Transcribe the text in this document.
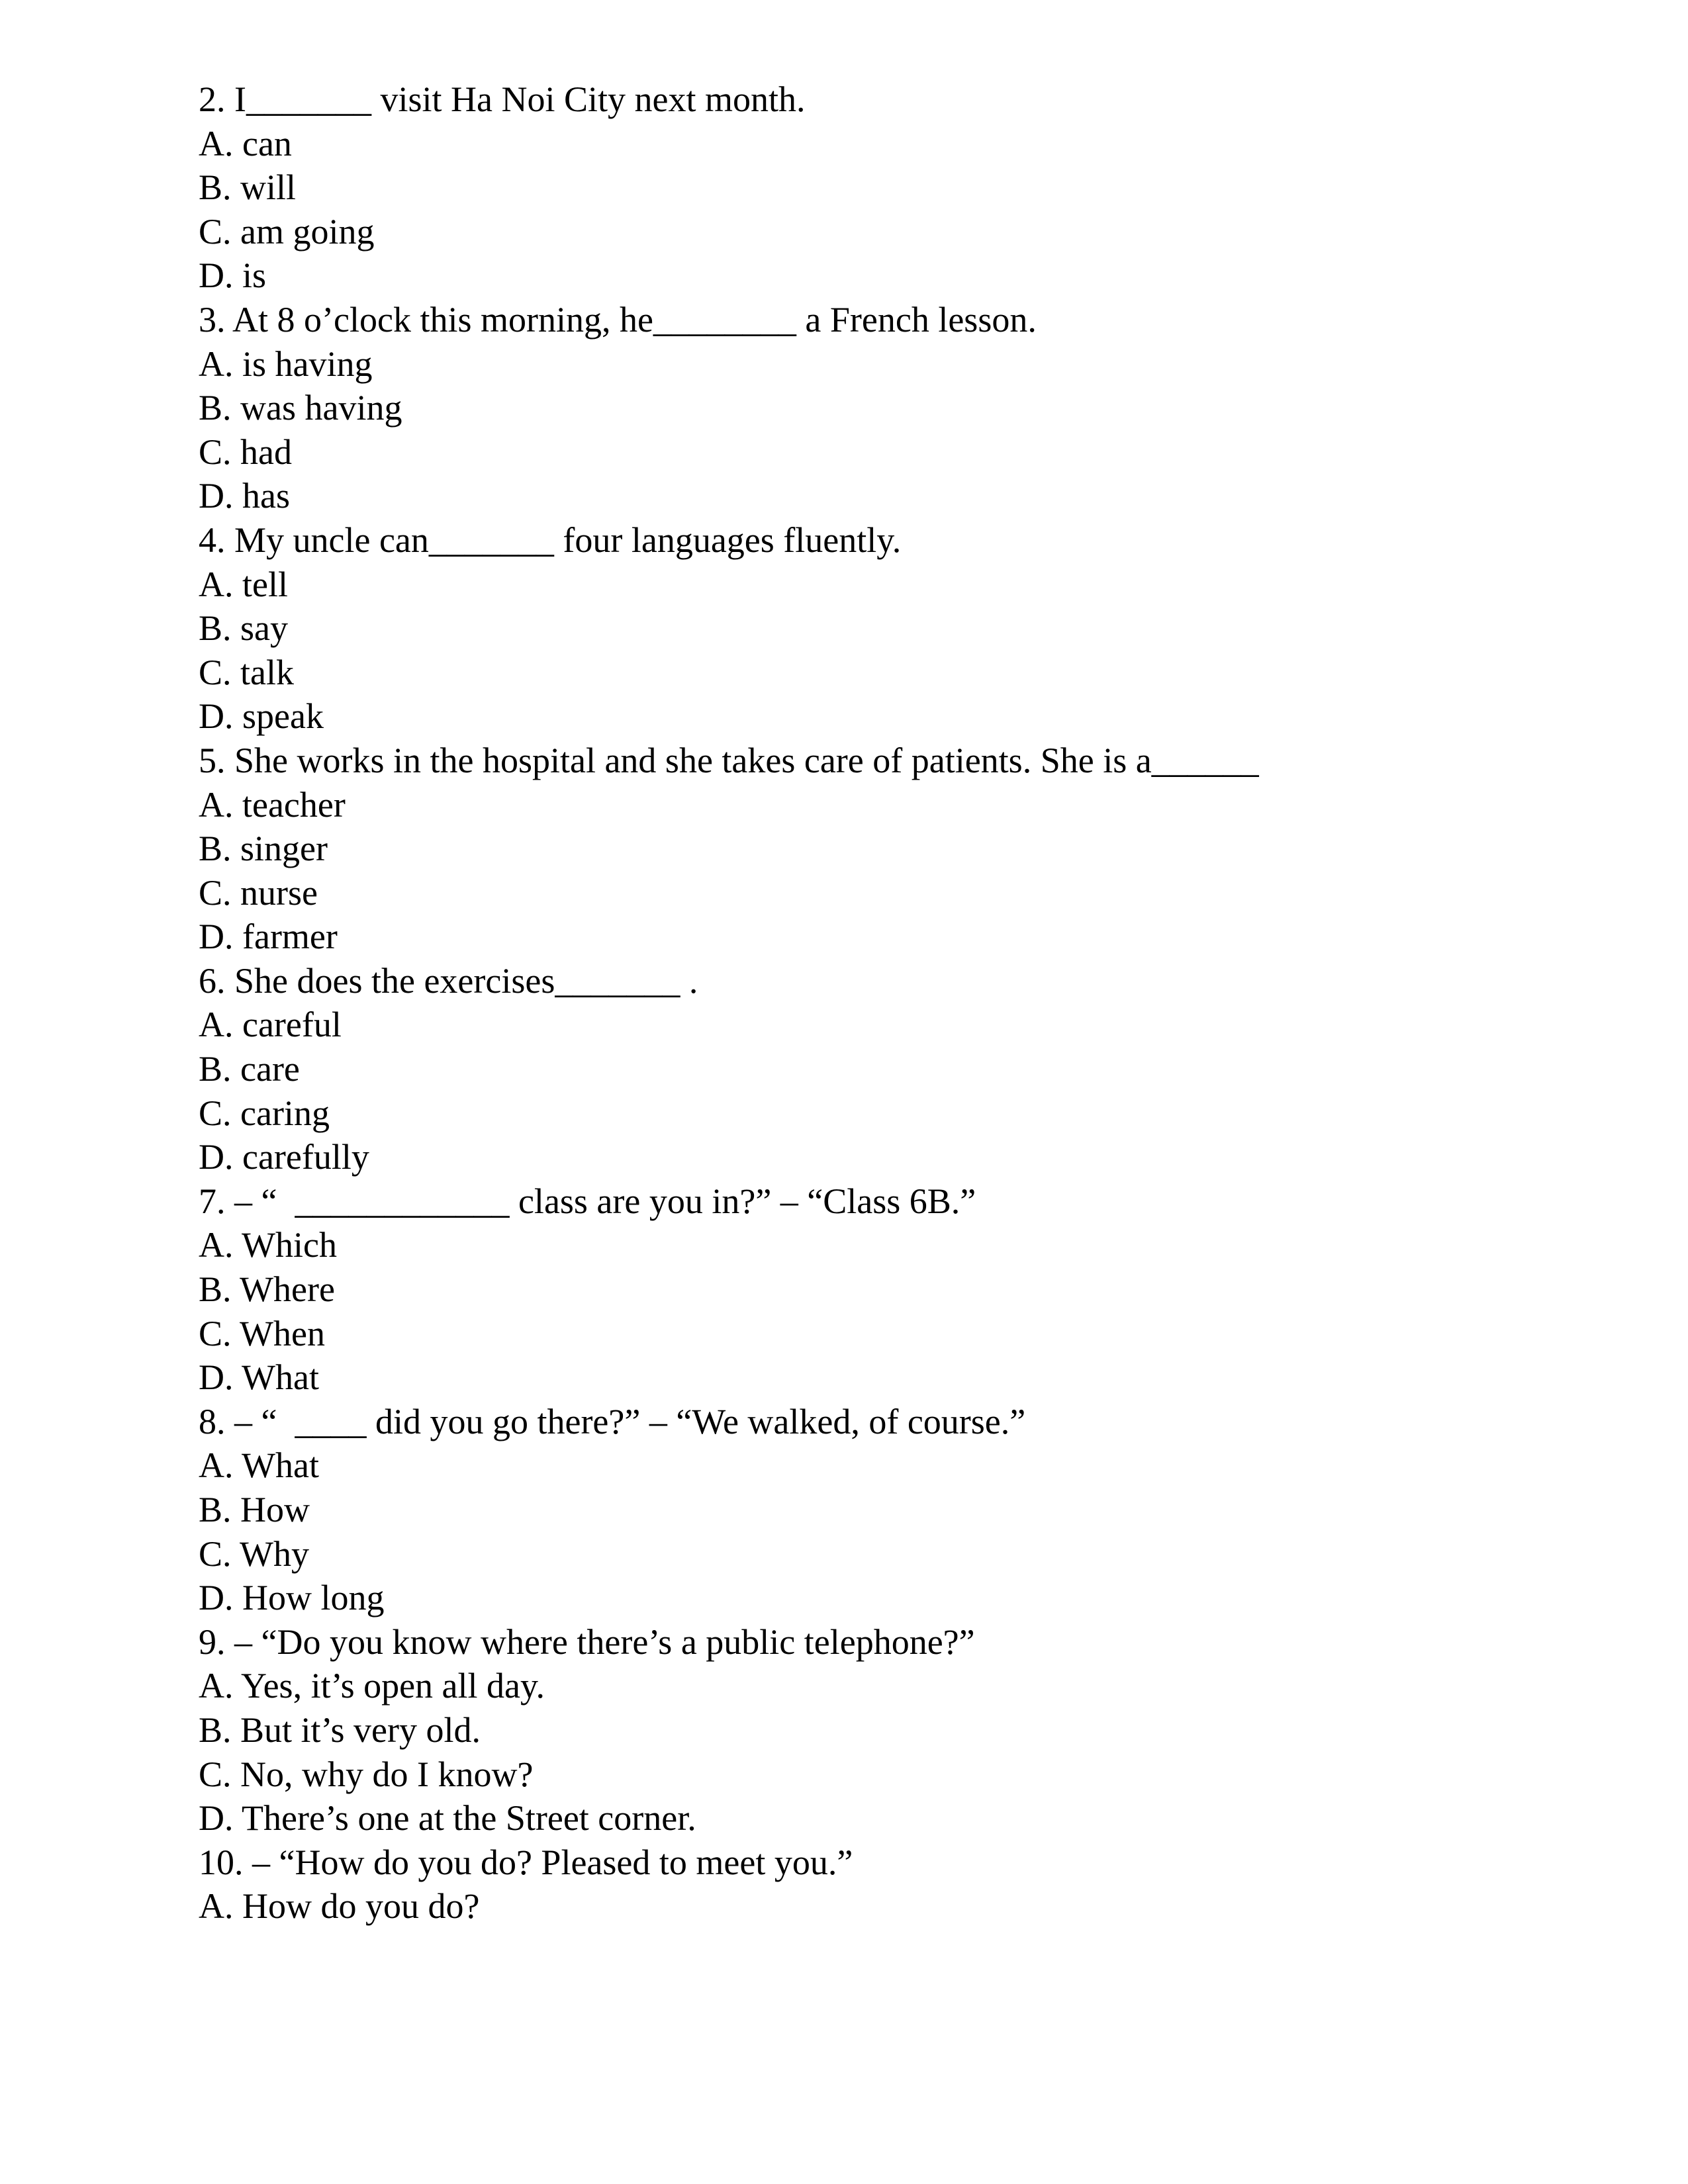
2. I_______ visit Ha Noi City next month.
A. can
B. will
C. am going
D. is
3. At 8 o’clock this morning, he________ a French lesson.
A. is having
B. was having
C. had
D. has
4. My uncle can_______ four languages fluently.
A. tell
B. say
C. talk
D. speak
5. She works in the hospital and she takes care of patients. She is a______
A. teacher
B. singer
C. nurse
D. farmer
6. She does the exercises_______ .
A. careful
B. care
C. caring
D. carefully
7. – “  ____________ class are you in?” – “Class 6B.”
A. Which
B. Where
C. When
D. What
8. – “  ____ did you go there?” – “We walked, of course.”
A. What
B. How
C. Why
D. How long
9. – “Do you know where there’s a public telephone?”
A. Yes, it’s open all day.
B. But it’s very old.
C. No, why do I know?
D. There’s one at the Street corner.
10. – “How do you do? Pleased to meet you.”
A. How do you do?
